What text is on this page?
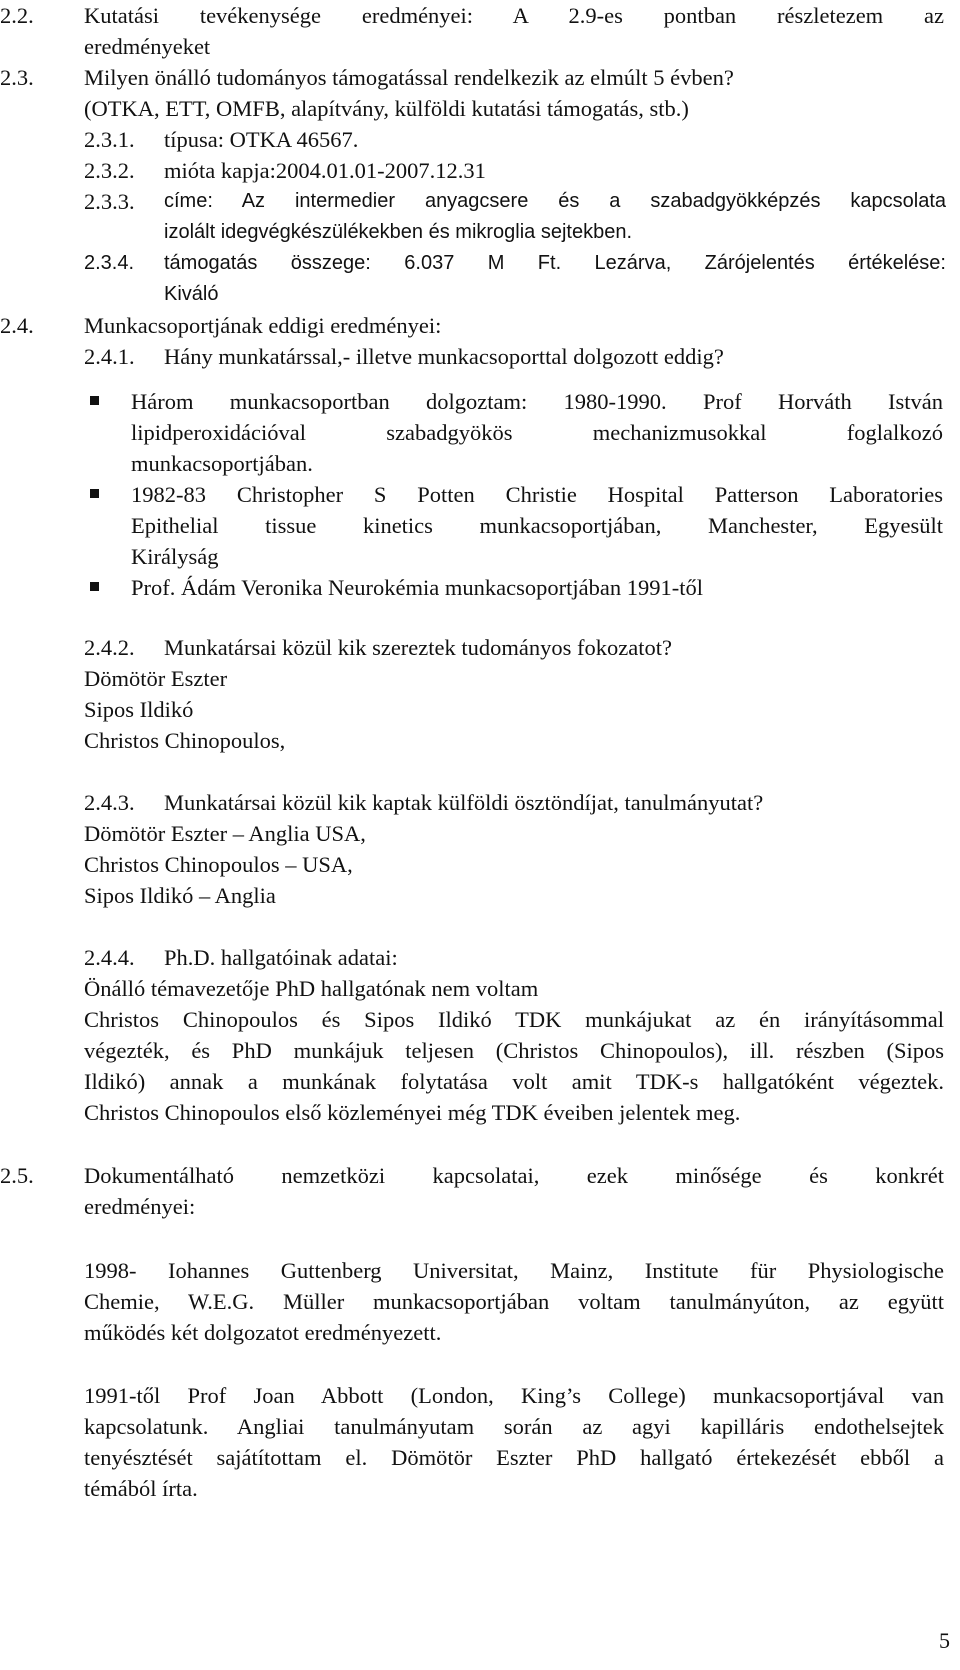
2.2. Kutatási tevékenysége eredményei: A 2.9-es pontban részletezem az
eredményeket
2.3. Milyen önálló tudományos támogatással rendelkezik az elmúlt 5 évben?
(OTKA, ETT, OMFB, alapítvány, külföldi kutatási támogatás, stb.)
2.3.1.	típusa: OTKA 46567.
2.3.2.	mióta kapja:2004.01.01-2007.12.31
2.3.3.	címe: Az intermedier anyagcsere és a szabadgyökképzés kapcsolata
izolált idegvégkészülékekben és mikroglia sejtekben.
2.3.4.	támogatás összege: 6.037 M Ft. Lezárva, Zárójelentés értékelése:
Kiváló
2.4. Munkacsoportjának eddigi eredményei:
2.4.1.	Hány munkatárssal,- illetve munkacsoporttal dolgozott eddig?
Három munkacsoportban dolgoztam: 1980-1990. Prof Horváth István
lipidperoxidációval szabadgyökös mechanizmusokkal foglalkozó
munkacsoportjában.
1982-83 Christopher S Potten Christie Hospital Patterson Laboratories
Epithelial tissue kinetics munkacsoportjában, Manchester, Egyesült
Királyság
Prof. Ádám Veronika Neurokémia munkacsoportjában 1991-től
2.4.2.	Munkatársai közül kik szereztek tudományos fokozatot?
Dömötör Eszter
Sipos Ildikó
Christos Chinopoulos,
2.4.3.	Munkatársai közül kik kaptak külföldi ösztöndíjat, tanulmányutat?
Dömötör Eszter – Anglia USA,
Christos Chinopoulos – USA,
Sipos Ildikó – Anglia
2.4.4.	Ph.D. hallgatóinak adatai:
Önálló témavezetője PhD hallgatónak nem voltam
Christos Chinopoulos és Sipos Ildikó TDK munkájukat az én irányításommal
végezték, és PhD munkájuk teljesen (Christos Chinopoulos), ill. részben (Sipos
Ildikó) annak a munkának folytatása volt amit TDK-s hallgatóként végeztek.
Christos Chinopoulos első közleményei még TDK éveiben jelentek meg.
2.5. Dokumentálható nemzetközi kapcsolatai, ezek minősége és konkrét
eredményei:
1998- Iohannes Guttenberg Universitat, Mainz, Institute für Physiologische
Chemie, W.E.G. Müller munkacsoportjában voltam tanulmányúton, az együtt
működés két dolgozatot eredményezett.
1991-től Prof Joan Abbott (London, King’s College) munkacsoportjával van
kapcsolatunk. Angliai tanulmányutam során az agyi kapilláris endothelsejtek
tenyésztését sajátítottam el. Dömötör Eszter PhD hallgató értekezését ebből a
témából írta.
5
